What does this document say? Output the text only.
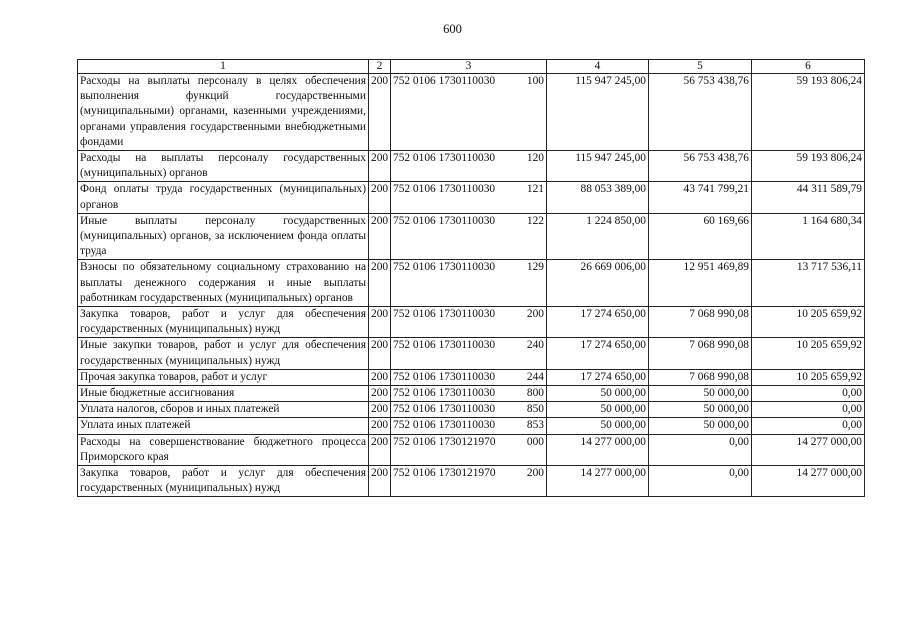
600
1	2	3	4	5	6
Расходы на выплаты персоналу в целях обеспечения выполнения функций государственными (муниципальными) органами, казенными учреждениями, органами управления государственными внебюджетными фондами	200	752 0106 1730110030 100	115 947 245,00	56 753 438,76	59 193 806,24
Расходы на выплаты персоналу государственных (муниципальных) органов	200	752 0106 1730110030 120	115 947 245,00	56 753 438,76	59 193 806,24
Фонд оплаты труда государственных (муниципальных) органов	200	752 0106 1730110030 121	88 053 389,00	43 741 799,21	44 311 589,79
Иные выплаты персоналу государственных (муниципальных) органов, за исключением фонда оплаты труда	200	752 0106 1730110030 122	1 224 850,00	60 169,66	1 164 680,34
Взносы по обязательному социальному страхованию на выплаты денежного содержания и иные выплаты работникам государственных (муниципальных) органов	200	752 0106 1730110030 129	26 669 006,00	12 951 469,89	13 717 536,11
Закупка товаров, работ и услуг для обеспечения государственных (муниципальных) нужд	200	752 0106 1730110030 200	17 274 650,00	7 068 990,08	10 205 659,92
Иные закупки товаров, работ и услуг для обеспечения государственных (муниципальных) нужд	200	752 0106 1730110030 240	17 274 650,00	7 068 990,08	10 205 659,92
Прочая закупка товаров, работ и услуг	200	752 0106 1730110030 244	17 274 650,00	7 068 990,08	10 205 659,92
Иные бюджетные ассигнования	200	752 0106 1730110030 800	50 000,00	50 000,00	0,00
Уплата налогов, сборов и иных платежей	200	752 0106 1730110030 850	50 000,00	50 000,00	0,00
Уплата иных платежей	200	752 0106 1730110030 853	50 000,00	50 000,00	0,00
Расходы на совершенствование бюджетного процесса Приморского края	200	752 0106 1730121970 000	14 277 000,00	0,00	14 277 000,00
Закупка товаров, работ и услуг для обеспечения государственных (муниципальных) нужд	200	752 0106 1730121970 200	14 277 000,00	0,00	14 277 000,00
